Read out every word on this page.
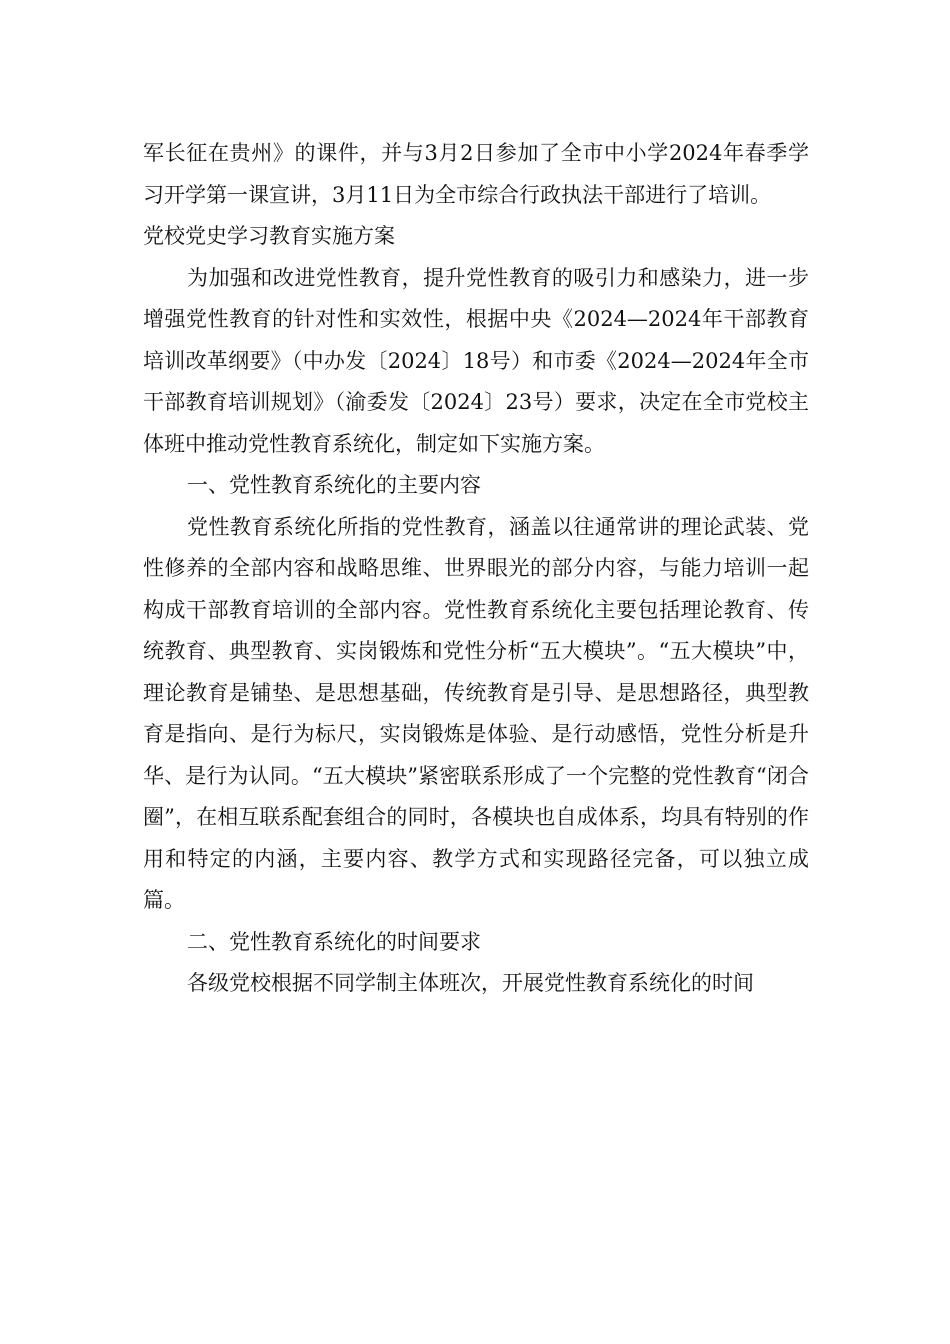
军长征在贵州》的课件，并与3月2日参加了全市中小学2024年春季学习开学第一课宣讲，3月11日为全市综合行政执法干部进行了培训。

党校党史学习教育实施方案

为加强和改进党性教育，提升党性教育的吸引力和感染力，进一步增强党性教育的针对性和实效性，根据中央《2024—2024年干部教育培训改革纲要》（中办发〔2024〕18号）和市委《2024—2024年全市干部教育培训规划》（渝委发〔2024〕23号）要求，决定在全市党校主体班中推动党性教育系统化，制定如下实施方案。

一、党性教育系统化的主要内容

党性教育系统化所指的党性教育，涵盖以往通常讲的理论武装、党性修养的全部内容和战略思维、世界眼光的部分内容，与能力培训一起构成干部教育培训的全部内容。党性教育系统化主要包括理论教育、传统教育、典型教育、实岗锻炼和党性分析“五大模块”。“五大模块”中，理论教育是铺垫、是思想基础，传统教育是引导、是思想路径，典型教育是指向、是行为标尺，实岗锻炼是体验、是行动感悟，党性分析是升华、是行为认同。“五大模块”紧密联系形成了一个完整的党性教育“闭合圈”，在相互联系配套组合的同时，各模块也自成体系，均具有特别的作用和特定的内涵，主要内容、教学方式和实现路径完备，可以独立成篇。

二、党性教育系统化的时间要求

各级党校根据不同学制主体班次，开展党性教育系统化的时间
